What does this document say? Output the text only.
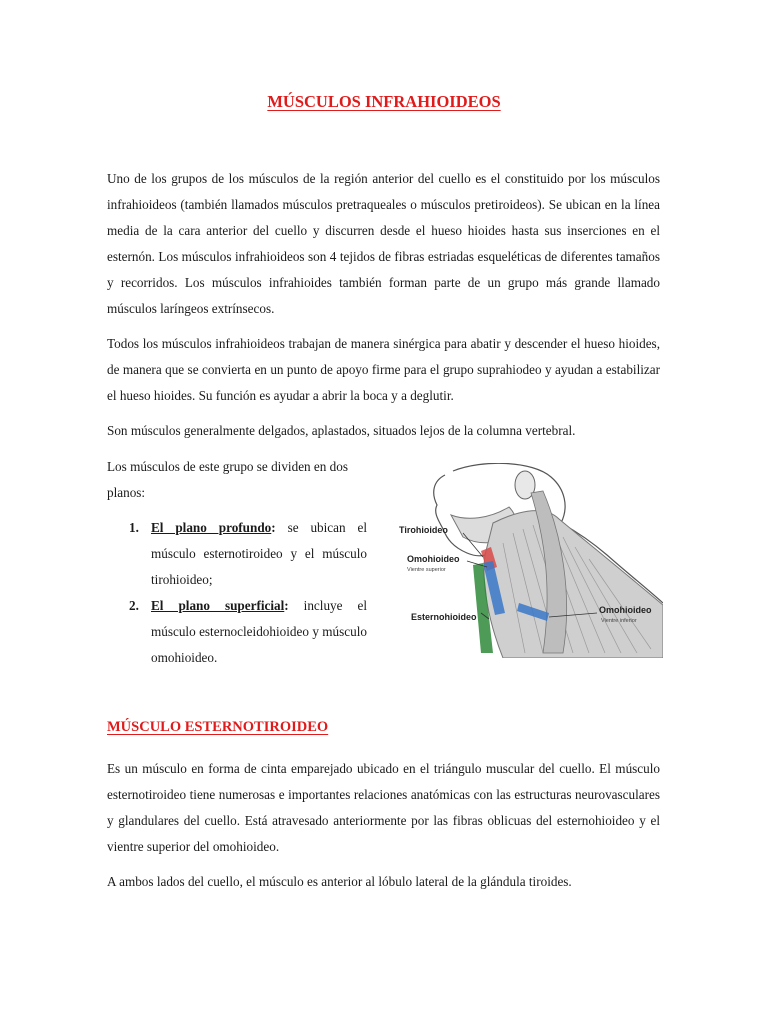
MÚSCULOS INFRAHIOIDEOS

Uno de los grupos de los músculos de la región anterior del cuello es el constituido por los músculos infrahioideos (también llamados músculos pretraqueales o músculos pretiroideos). Se ubican en la línea media de la cara anterior del cuello y discurren desde el hueso hioides hasta sus inserciones en el esternón. Los músculos infrahioideos son 4 tejidos de fibras estriadas esqueléticas de diferentes tamaños y recorridos. Los músculos infrahioides también forman parte de un grupo más grande llamado músculos laríngeos extrínsecos.

Todos los músculos infrahioideos trabajan de manera sinérgica para abatir y descender el hueso hioides, de manera que se convierta en un punto de apoyo firme para el grupo suprahiodeo y ayudan a estabilizar el hueso hioides. Su función es ayudar a abrir la boca y a deglutir.

Son músculos generalmente delgados, aplastados, situados lejos de la columna vertebral.

Los músculos de este grupo se dividen en dos planos:

1. El plano profundo: se ubican el músculo esternotiroideo y el músculo tirohioideo;
2. El plano superficial: incluye el músculo esternocleidohioideo y músculo omohioideo.
Tirohioideo
Omohioideo
Vientre superior
Esternohioideo
Omohioideo
Vientre inferior
MÚSCULO ESTERNOTIROIDEO

Es un músculo en forma de cinta emparejado ubicado en el triángulo muscular del cuello. El músculo esternotiroideo tiene numerosas e importantes relaciones anatómicas con las estructuras neurovasculares y glandulares del cuello. Está atravesado anteriormente por las fibras oblicuas del esternohioideo y el vientre superior del omohioideo.

A ambos lados del cuello, el músculo es anterior al lóbulo lateral de la glándula tiroides.
